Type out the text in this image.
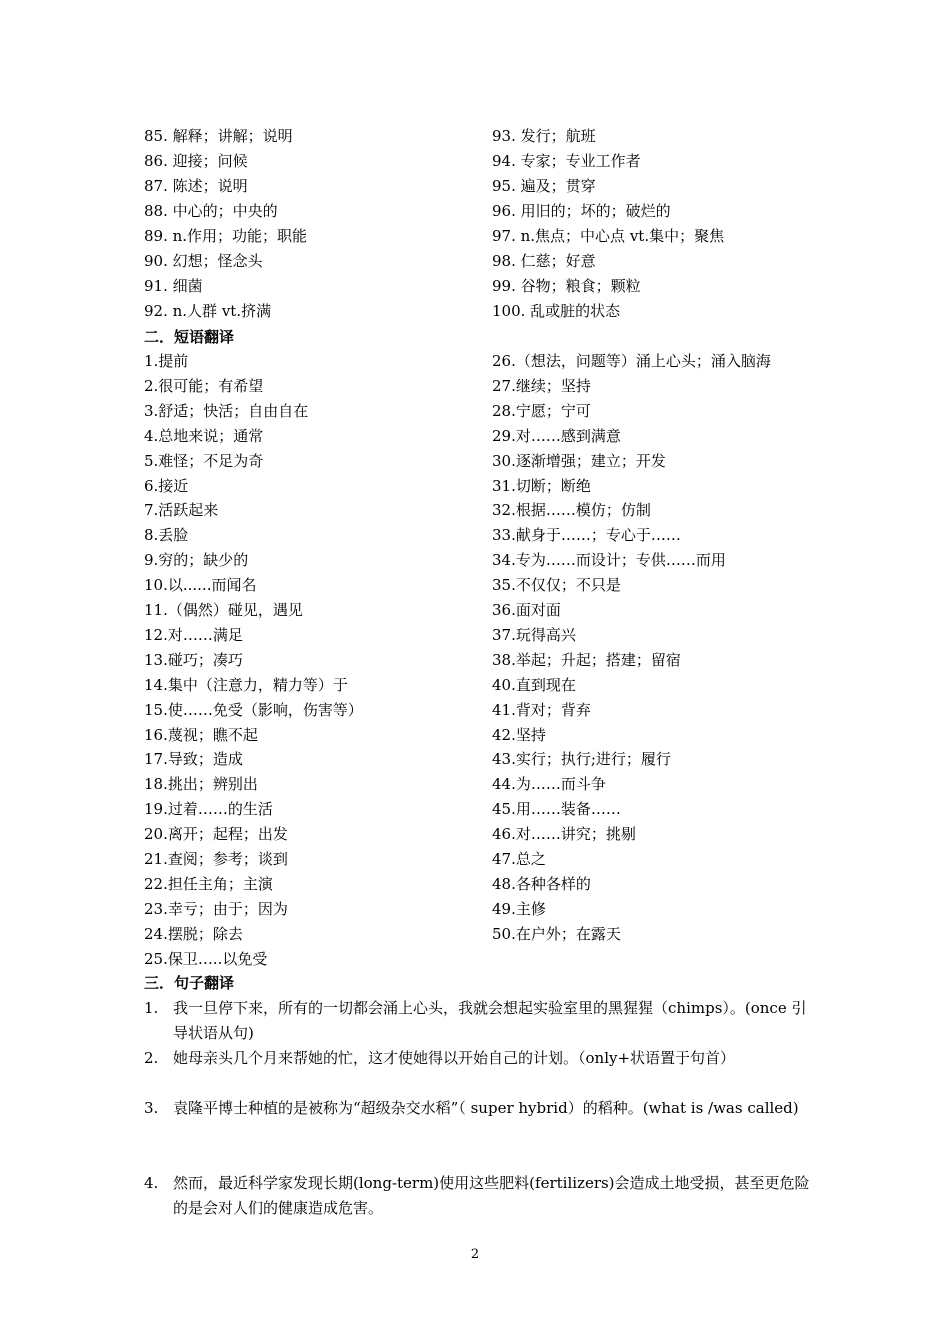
85. 解释；讲解；说明
86. 迎接；问候
87. 陈述；说明
88. 中心的；中央的
89. n.作用；功能；职能
90. 幻想；怪念头
91. 细菌
92. n.人群 vt.挤满
93. 发行；航班
94. 专家；专业工作者
95. 遍及；贯穿
96. 用旧的；坏的；破烂的
97. n.焦点；中心点 vt.集中；聚焦
98. 仁慈；好意
99. 谷物；粮食；颗粒
100. 乱或脏的状态
二．短语翻译
1.提前
2.很可能；有希望
3.舒适；快活；自由自在
4.总地来说；通常
5.难怪；不足为奇
6.接近
7.活跃起来
8.丢脸
9.穷的；缺少的
10.以......而闻名
11.（偶然）碰见，遇见
12.对……满足
13.碰巧；凑巧
14.集中（注意力，精力等）于
15.使……免受（影响，伤害等）
16.蔑视；瞧不起
17.导致；造成
18.挑出；辨别出
19.过着……的生活
20.离开；起程；出发
21.查阅；参考；谈到
22.担任主角；主演
23.幸亏；由于；因为
24.摆脱；除去
25.保卫…..以免受
26.（想法，问题等）涌上心头；涌入脑海
27.继续；坚持
28.宁愿；宁可
29.对……感到满意
30.逐渐增强；建立；开发
31.切断；断绝
32.根据……模仿；仿制
33.献身于……；专心于……
34.专为……而设计；专供……而用
35.不仅仅；不只是
36.面对面
37.玩得高兴
38.举起；升起；搭建；留宿
40.直到现在
41.背对；背弃
42.坚持
43.实行；执行;进行；履行
44.为……而斗争
45.用……装备……
46.对……讲究；挑剔
47.总之
48.各种各样的
49.主修
50.在户外；在露天
三．句子翻译
1. 我一旦停下来，所有的一切都会涌上心头，我就会想起实验室里的黑猩猩（chimps）。(once 引导状语从句)
2. 她母亲头几个月来帮她的忙，这才使她得以开始自己的计划。（only+状语置于句首）
3. 袁隆平博士种植的是被称为“超级杂交水稻”（ super hybrid）的稻种。(what is /was called)
4. 然而，最近科学家发现长期(long-term)使用这些肥料(fertilizers)会造成土地受损，甚至更危险的是会对人们的健康造成危害。
2
